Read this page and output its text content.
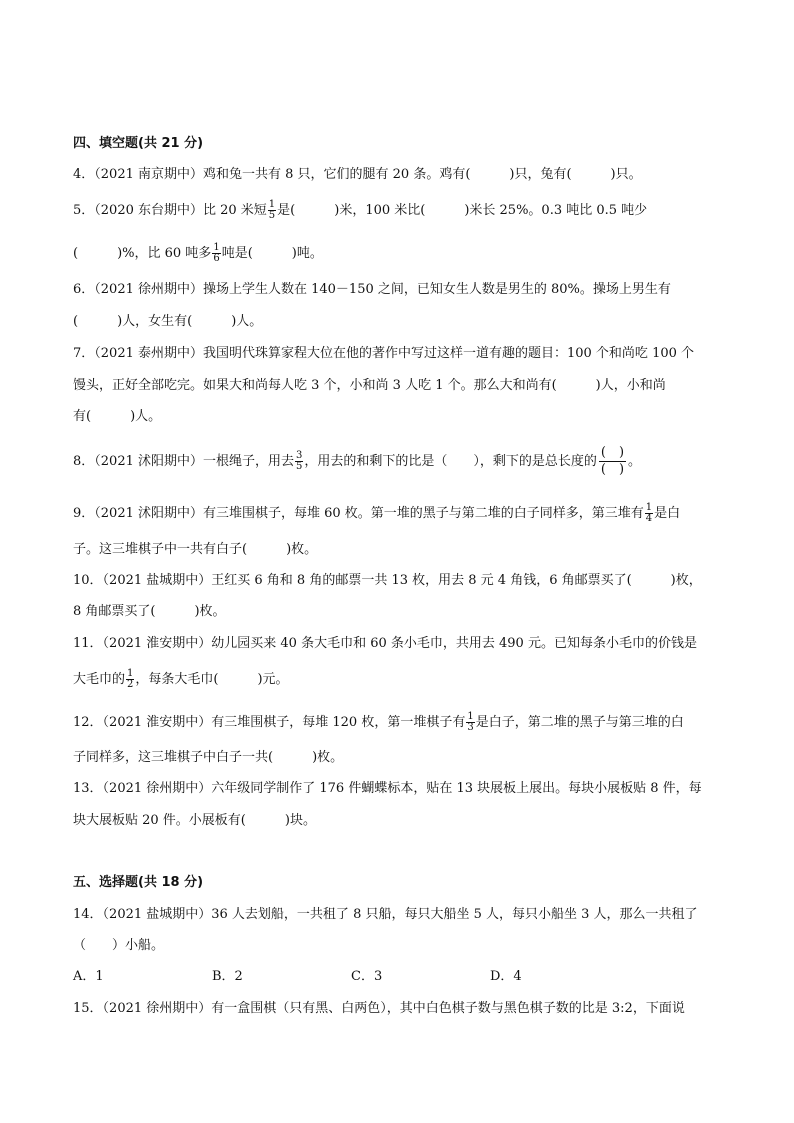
四、填空题(共 21 分)
4．（2021 南京期中）鸡和兔一共有 8 只，它们的腿有 20 条。鸡有(　　　)只，兔有(　　　)只。
5．（2020 东台期中）比 20 米短 $\frac{1}{5}$ 是(　　　)米，100 米比(　　　)米长 25%。0.3 吨比 0.5 吨少
(　　　)%，比 60 吨多 $\frac{1}{6}$ 吨是(　　　)吨。
6．（2021 徐州期中）操场上学生人数在 140－150 之间，已知女生人数是男生的 80%。操场上男生有
(　　　)人，女生有(　　　)人。
7．（2021 泰州期中）我国明代珠算家程大位在他的著作中写过这样一道有趣的题目：100 个和尚吃 100 个
馒头，正好全部吃完。如果大和尚每人吃 3 个，小和尚 3 人吃 1 个。那么大和尚有(　　　)人，小和尚
有(　　　)人。
8．（2021 沭阳期中）一根绳子，用去 $\frac{3}{5}$ ，用去的和剩下的比是（　　），剩下的是总长度的 $\frac{( )}{( )}$ 。
9．（2021 沭阳期中）有三堆围棋子，每堆 60 枚。第一堆的黑子与第二堆的白子同样多，第三堆有 $\frac{1}{4}$ 是白
子。这三堆棋子中一共有白子(　　　)枚。
10．（2021 盐城期中）王红买 6 角和 8 角的邮票一共 13 枚，用去 8 元 4 角钱，6 角邮票买了(　　　)枚，
8 角邮票买了(　　　)枚。
11．（2021 淮安期中）幼儿园买来 40 条大毛巾和 60 条小毛巾，共用去 490 元。已知每条小毛巾的价钱是
大毛巾的 $\frac{1}{2}$ ，每条大毛巾(　　　)元。
12．（2021 淮安期中）有三堆围棋子，每堆 120 枚，第一堆棋子有 $\frac{1}{3}$ 是白子，第二堆的黑子与第三堆的白
子同样多，这三堆棋子中白子一共(　　　)枚。
13．（2021 徐州期中）六年级同学制作了 176 件蝴蝶标本，贴在 13 块展板上展出。每块小展板贴 8 件，每
块大展板贴 20 件。小展板有(　　　)块。
五、选择题(共 18 分)
14．（2021 盐城期中）36 人去划船，一共租了 8 只船，每只大船坐 5 人，每只小船坐 3 人，那么一共租了
（　　）小船。
A．1	B．2	C．3	D．4
15．（2021 徐州期中）有一盒围棋（只有黑、白两色），其中白色棋子数与黑色棋子数的比是 3:2，下面说
